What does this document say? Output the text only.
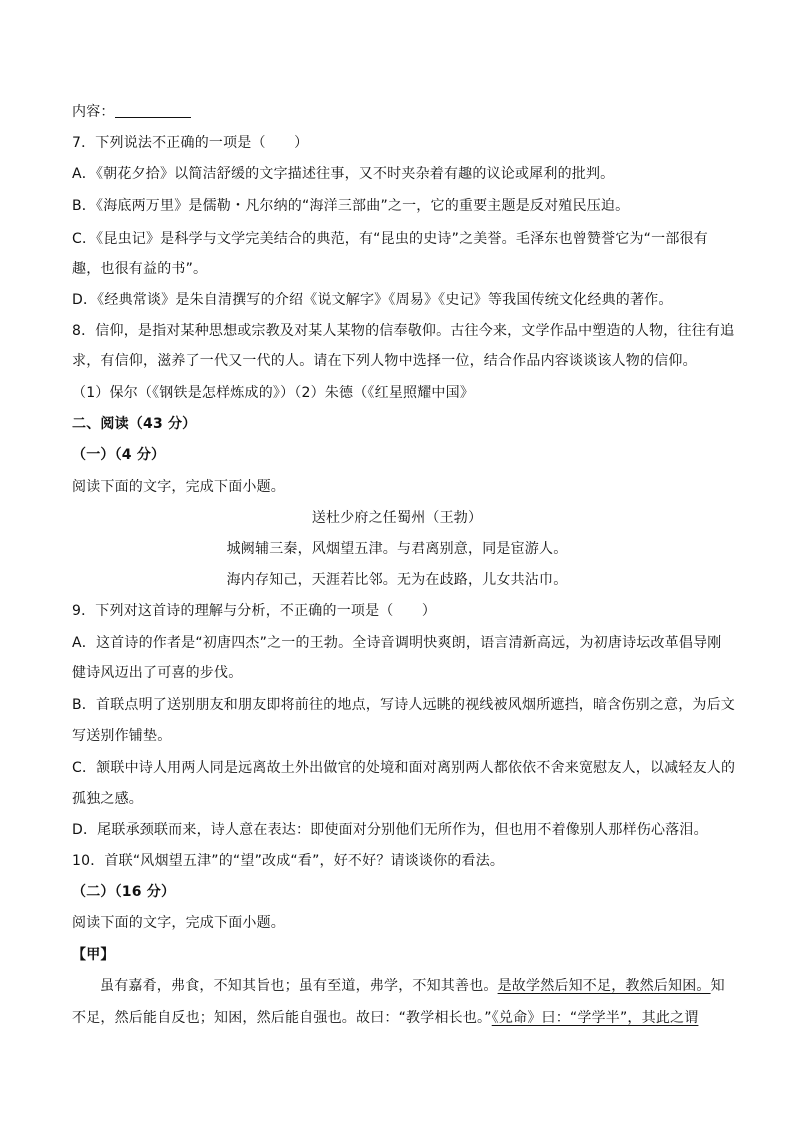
内容：
7．下列说法不正确的一项是（　　）
A．《朝花夕拾》以简洁舒缓的文字描述往事，又不时夹杂着有趣的议论或犀利的批判。
B．《海底两万里》是儒勒・凡尔纳的“海洋三部曲”之一，它的重要主题是反对殖民压迫。
C．《昆虫记》是科学与文学完美结合的典范，有“昆虫的史诗”之美誉。毛泽东也曾赞誉它为“一部很有
趣，也很有益的书”。
D．《经典常谈》是朱自清撰写的介绍《说文解字》《周易》《史记》等我国传统文化经典的著作。
8．信仰，是指对某种思想或宗教及对某人某物的信奉敬仰。古往今来，文学作品中塑造的人物，往往有追
求，有信仰，滋养了一代又一代的人。请在下列人物中选择一位，结合作品内容谈谈该人物的信仰。
（1）保尔（《钢铁是怎样炼成的》）（2）朱德（《红星照耀中国》
二、阅读（43 分）
（一）（4 分）
阅读下面的文字，完成下面小题。
送杜少府之任蜀州（王勃）
城阙辅三秦，风烟望五津。与君离别意，同是宦游人。
海内存知己，天涯若比邻。无为在歧路，儿女共沾巾。
9．下列对这首诗的理解与分析，不正确的一项是（　　）
A．这首诗的作者是“初唐四杰”之一的王勃。全诗音调明快爽朗，语言清新高远，为初唐诗坛改革倡导刚
健诗风迈出了可喜的步伐。
B．首联点明了送别朋友和朋友即将前往的地点，写诗人远眺的视线被风烟所遮挡，暗含伤别之意，为后文
写送别作铺垫。
C．颔联中诗人用两人同是远离故土外出做官的处境和面对离别两人都依依不舍来宽慰友人，以减轻友人的
孤独之感。
D．尾联承颈联而来，诗人意在表达：即使面对分别他们无所作为，但也用不着像别人那样伤心落泪。
10．首联“风烟望五津”的“望”改成“看”，好不好？请谈谈你的看法。
（二）（16 分）
阅读下面的文字，完成下面小题。
【甲】
虽有嘉肴，弗食，不知其旨也；虽有至道，弗学，不知其善也。是故学然后知不足，教然后知困。知
不足，然后能自反也；知困，然后能自强也。故曰：“教学相长也。”《兑命》曰：“学学半”，其此之谓
